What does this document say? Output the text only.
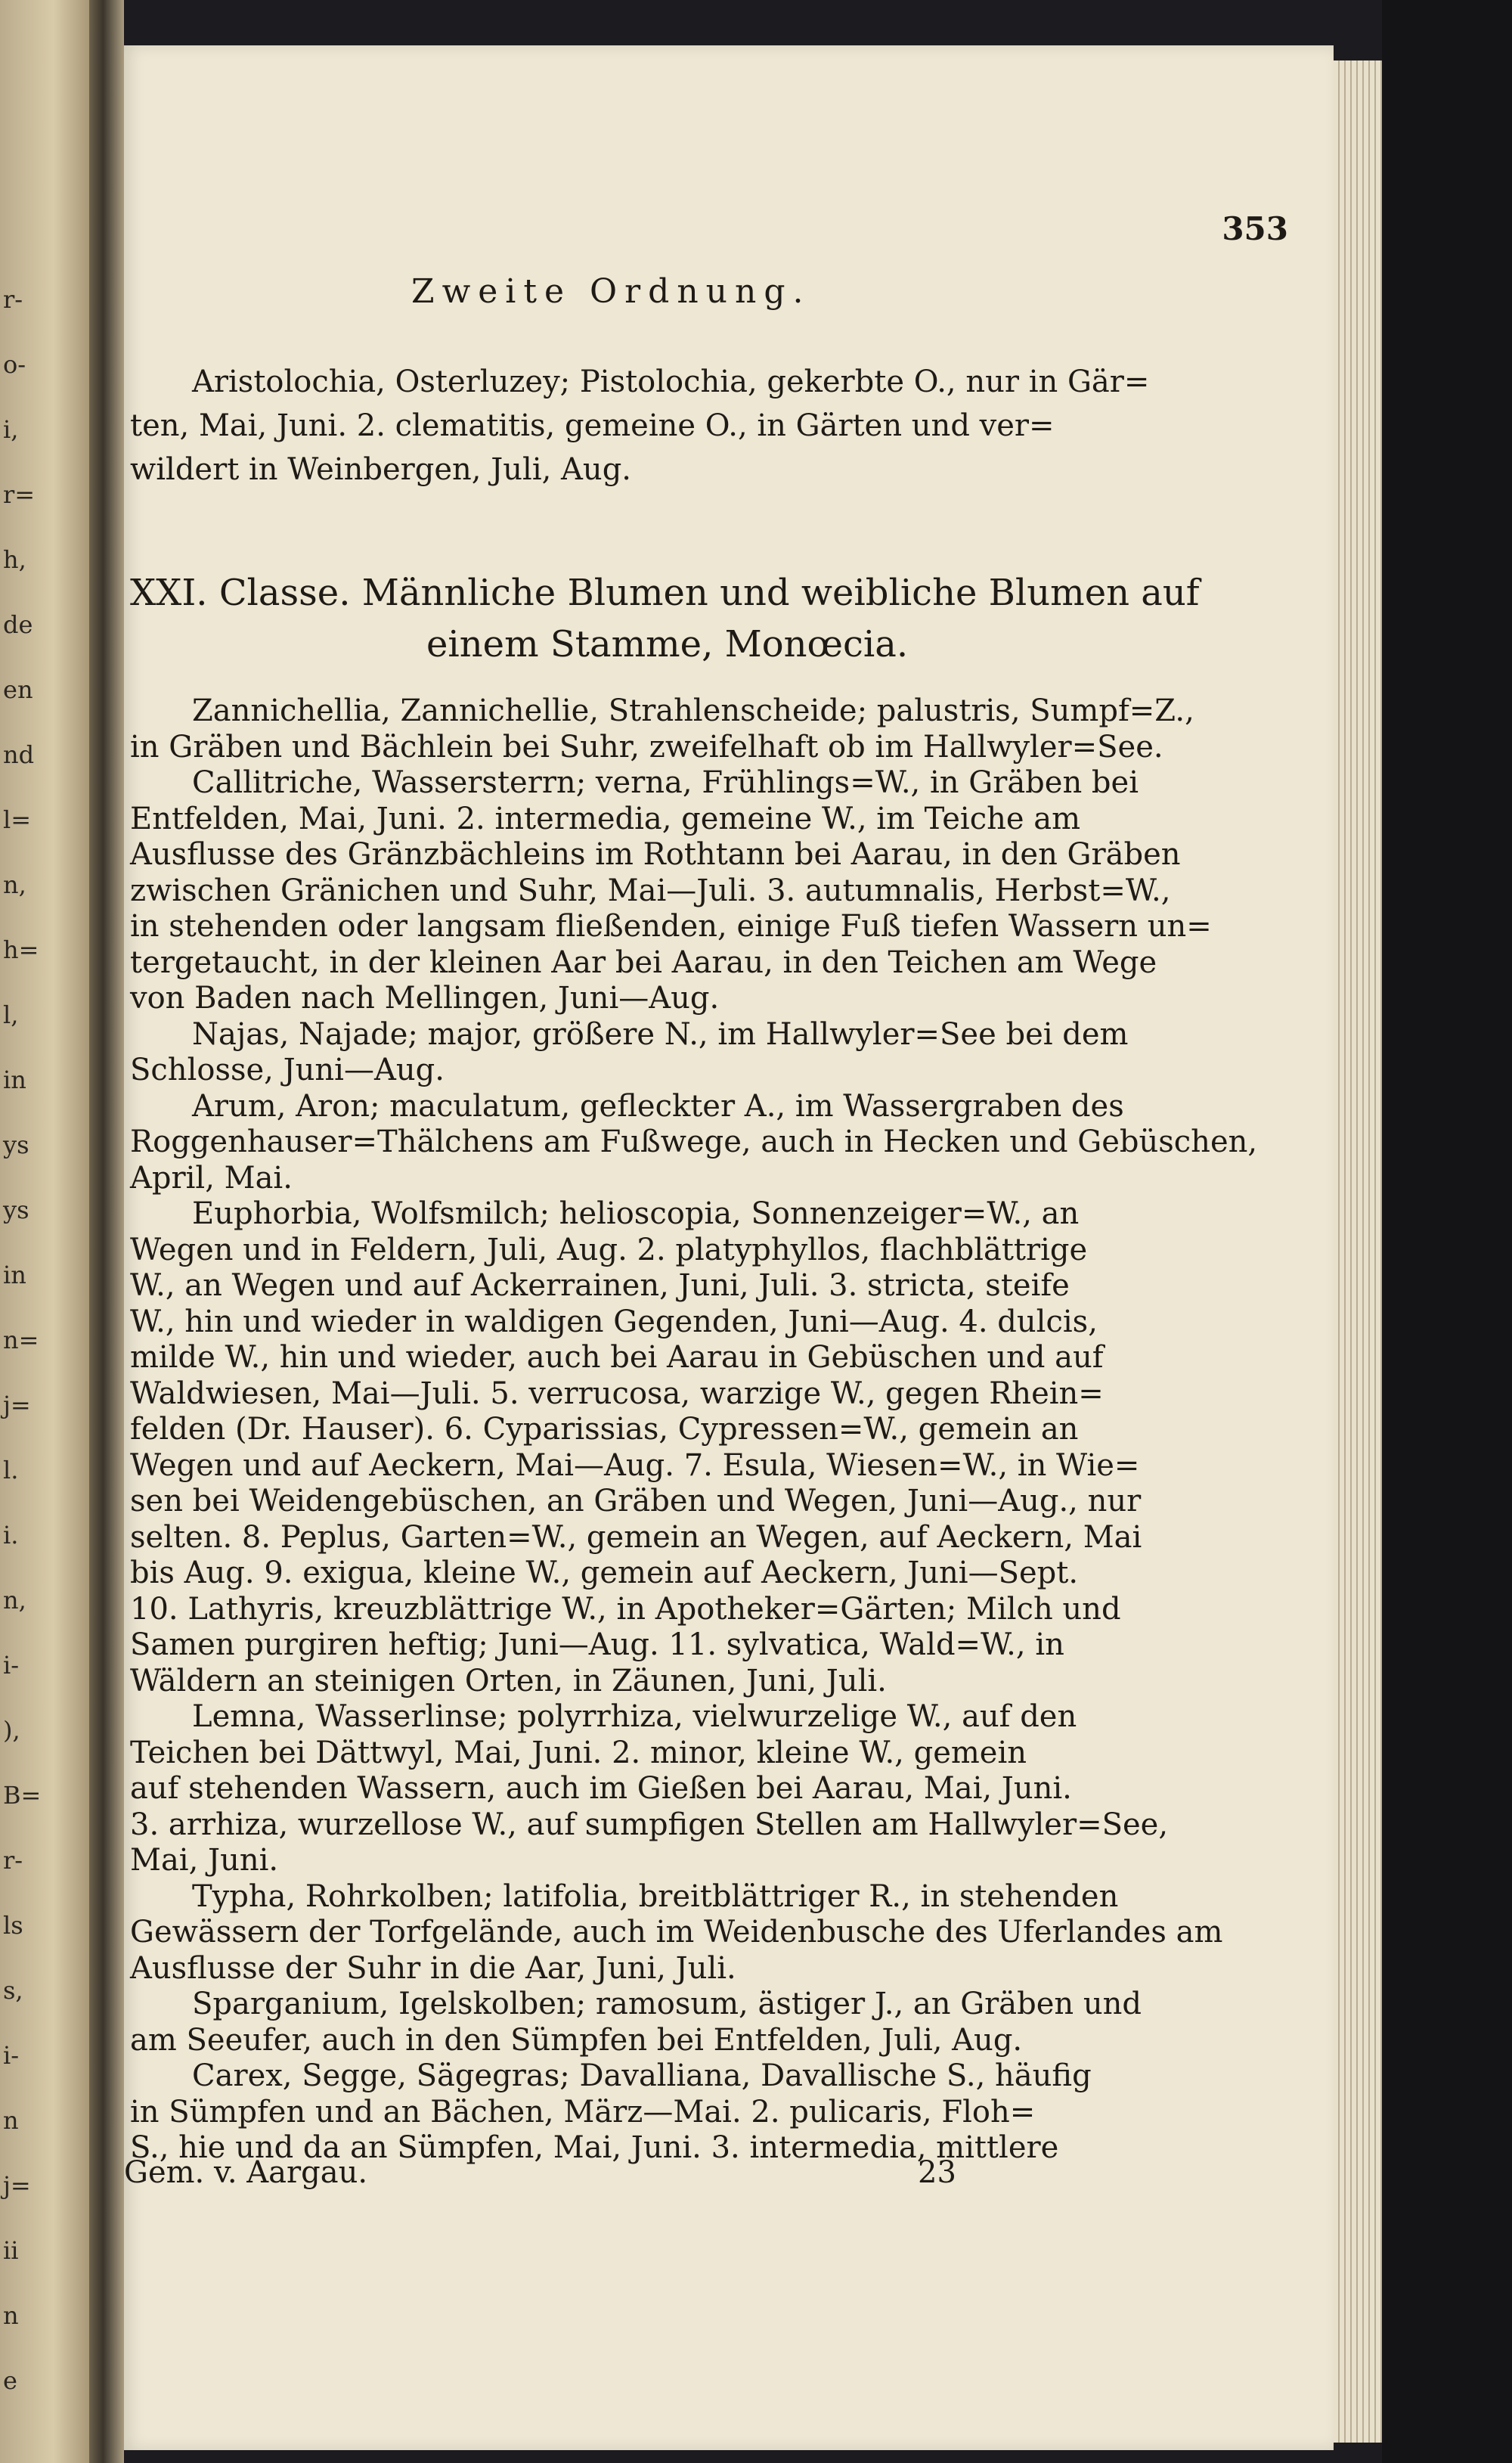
r-
o-
i,
r=
h,
de
en
nd
l=
n,
h=
l,
in
ys
ys
in
n=
j=
l.
i.
n,
i-
),
B=
r-
ls
s,
i-
n
j=
ii
n
e
353
Zweite Ordnung.
Aristolochia, Osterluzey; Pistolochia, gekerbte O., nur in Gär=
ten, Mai, Juni. 2. clematitis, gemeine O., in Gärten und ver=
wildert in Weinbergen, Juli, Aug.
XXI. Classe. Männliche Blumen und weibliche Blumen auf
einem Stamme, Monœcia.
Zannichellia, Zannichellie, Strahlenscheide; palustris, Sumpf=Z.,
in Gräben und Bächlein bei Suhr, zweifelhaft ob im Hallwyler=See.
Callitriche, Wassersterrn; verna, Frühlings=W., in Gräben bei
Entfelden, Mai, Juni. 2. intermedia, gemeine W., im Teiche am
Ausflusse des Gränzbächleins im Rothtann bei Aarau, in den Gräben
zwischen Gränichen und Suhr, Mai—Juli. 3. autumnalis, Herbst=W.,
in stehenden oder langsam fließenden, einige Fuß tiefen Wassern un=
tergetaucht, in der kleinen Aar bei Aarau, in den Teichen am Wege
von Baden nach Mellingen, Juni—Aug.
Najas, Najade; major, größere N., im Hallwyler=See bei dem
Schlosse, Juni—Aug.
Arum, Aron; maculatum, gefleckter A., im Wassergraben des
Roggenhauser=Thälchens am Fußwege, auch in Hecken und Gebüschen,
April, Mai.
Euphorbia, Wolfsmilch; helioscopia, Sonnenzeiger=W., an
Wegen und in Feldern, Juli, Aug. 2. platyphyllos, flachblättrige
W., an Wegen und auf Ackerrainen, Juni, Juli. 3. stricta, steife
W., hin und wieder in waldigen Gegenden, Juni—Aug. 4. dulcis,
milde W., hin und wieder, auch bei Aarau in Gebüschen und auf
Waldwiesen, Mai—Juli. 5. verrucosa, warzige W., gegen Rhein=
felden (Dr. Hauser). 6. Cyparissias, Cypressen=W., gemein an
Wegen und auf Aeckern, Mai—Aug. 7. Esula, Wiesen=W., in Wie=
sen bei Weidengebüschen, an Gräben und Wegen, Juni—Aug., nur
selten. 8. Peplus, Garten=W., gemein an Wegen, auf Aeckern, Mai
bis Aug. 9. exigua, kleine W., gemein auf Aeckern, Juni—Sept.
10. Lathyris, kreuzblättrige W., in Apotheker=Gärten; Milch und
Samen purgiren heftig; Juni—Aug. 11. sylvatica, Wald=W., in
Wäldern an steinigen Orten, in Zäunen, Juni, Juli.
Lemna, Wasserlinse; polyrrhiza, vielwurzelige W., auf den
Teichen bei Dättwyl, Mai, Juni. 2. minor, kleine W., gemein
auf stehenden Wassern, auch im Gießen bei Aarau, Mai, Juni.
3. arrhiza, wurzellose W., auf sumpfigen Stellen am Hallwyler=See,
Mai, Juni.
Typha, Rohrkolben; latifolia, breitblättriger R., in stehenden
Gewässern der Torfgelände, auch im Weidenbusche des Uferlandes am
Ausflusse der Suhr in die Aar, Juni, Juli.
Sparganium, Igelskolben; ramosum, ästiger J., an Gräben und
am Seeufer, auch in den Sümpfen bei Entfelden, Juli, Aug.
Carex, Segge, Sägegras; Davalliana, Davallische S., häufig
in Sümpfen und an Bächen, März—Mai. 2. pulicaris, Floh=
S., hie und da an Sümpfen, Mai, Juni. 3. intermedia, mittlere
Gem. v. Aargau.	23
